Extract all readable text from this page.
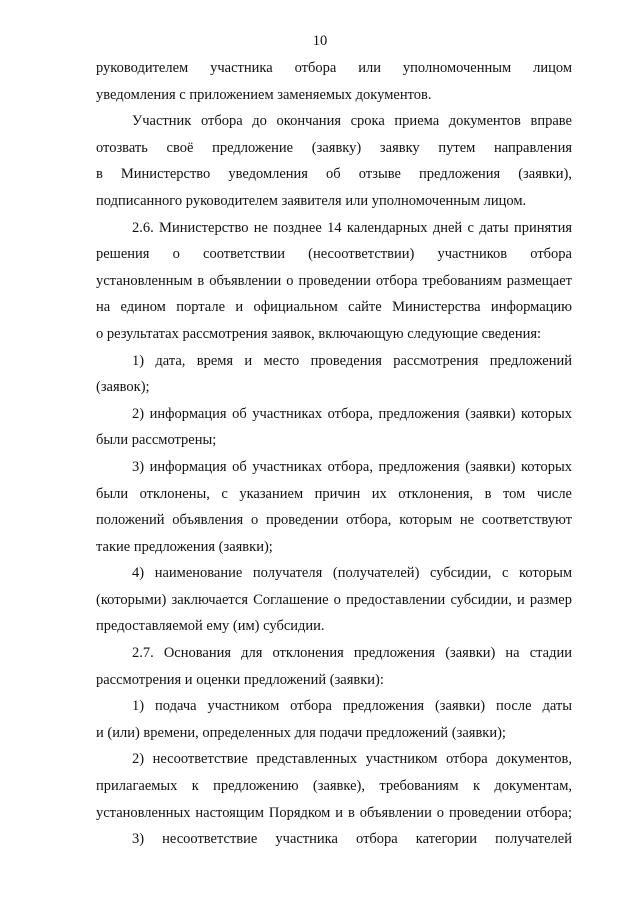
10
руководителем участника отбора или уполномоченным лицом
уведомления с приложением заменяемых документов.
Участник отбора до окончания срока приема документов вправе
отозвать своё предложение (заявку) заявку путем направления
в Министерство уведомления об отзыве предложения (заявки),
подписанного руководителем заявителя или уполномоченным лицом.
2.6. Министерство не позднее 14 календарных дней с даты принятия
решения о соответствии (несоответствии) участников отбора
установленным в объявлении о проведении отбора требованиям размещает
на едином портале и официальном сайте Министерства информацию
о результатах рассмотрения заявок, включающую следующие сведения:
1) дата, время и место проведения рассмотрения предложений
(заявок);
2) информация об участниках отбора, предложения (заявки) которых
были рассмотрены;
3) информация об участниках отбора, предложения (заявки) которых
были отклонены, с указанием причин их отклонения, в том числе
положений объявления о проведении отбора, которым не соответствуют
такие предложения (заявки);
4) наименование получателя (получателей) субсидии, с которым
(которыми) заключается Соглашение о предоставлении субсидии, и размер
предоставляемой ему (им) субсидии.
2.7. Основания для отклонения предложения (заявки) на стадии
рассмотрения и оценки предложений (заявки):
1) подача участником отбора предложения (заявки) после даты
и (или) времени, определенных для подачи предложений (заявки);
2) несоответствие представленных участником отбора документов,
прилагаемых к предложению (заявке), требованиям к документам,
установленных настоящим Порядком и в объявлении о проведении отбора;
3) несоответствие участника отбора категории получателей
